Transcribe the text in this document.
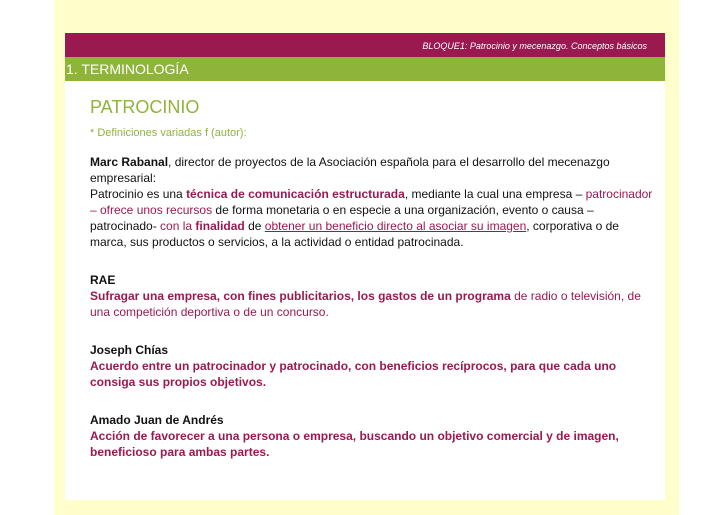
BLOQUE1: Patrocinio y mecenazgo. Conceptos básicos
1. TERMINOLOGÍA
PATROCINIO
* Definiciones variadas f (autor):

Marc Rabanal, director de proyectos de la Asociación española para el desarrollo del mecenazgo empresarial:

Patrocinio es una técnica de comunicación estructurada, mediante la cual una empresa – patrocinador – ofrece unos recursos de forma monetaria o en especie a una organización, evento o causa –patrocinado- con la finalidad de obtener un beneficio directo al asociar su imagen, corporativa o de marca, sus productos o servicios, a la actividad o entidad patrocinada.

RAE
Sufragar una empresa, con fines publicitarios, los gastos de un programa de radio o televisión, de una competición deportiva o de un concurso.

Joseph Chías
Acuerdo entre un patrocinador y patrocinado, con beneficios recíprocos, para que cada uno consiga sus propios objetivos.

Amado Juan de Andrés
Acción de favorecer a una persona o empresa, buscando un objetivo comercial y de imagen, beneficioso para ambas partes.
